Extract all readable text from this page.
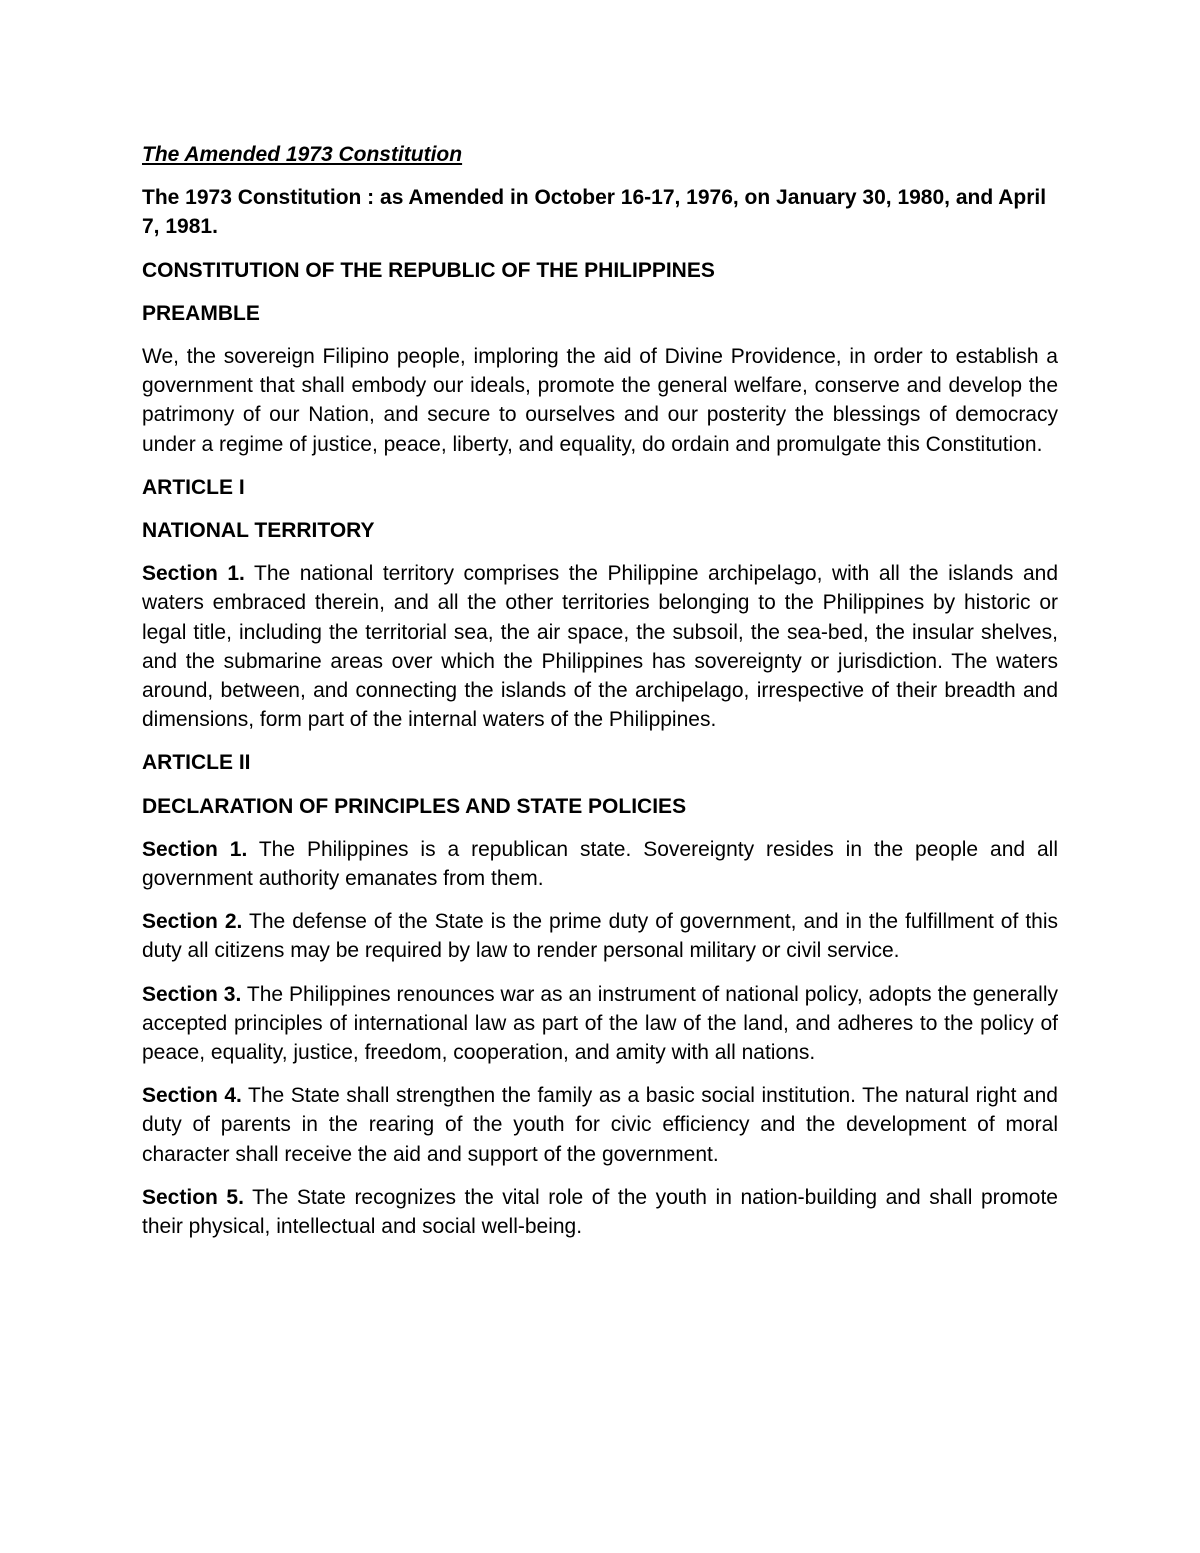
The Amended 1973 Constitution
The 1973 Constitution : as Amended in October 16-17, 1976, on January 30, 1980, and April 7, 1981.
CONSTITUTION OF THE REPUBLIC OF THE PHILIPPINES
PREAMBLE

We, the sovereign Filipino people, imploring the aid of Divine Providence, in order to establish a government that shall embody our ideals, promote the general welfare, conserve and develop the patrimony of our Nation, and secure to ourselves and our posterity the blessings of democracy under a regime of justice, peace, liberty, and equality, do ordain and promulgate this Constitution.

ARTICLE I
NATIONAL TERRITORY

Section 1. The national territory comprises the Philippine archipelago, with all the islands and waters embraced therein, and all the other territories belonging to the Philippines by historic or legal title, including the territorial sea, the air space, the subsoil, the sea-bed, the insular shelves, and the submarine areas over which the Philippines has sovereignty or jurisdiction. The waters around, between, and connecting the islands of the archipelago, irrespective of their breadth and dimensions, form part of the internal waters of the Philippines.

ARTICLE II
DECLARATION OF PRINCIPLES AND STATE POLICIES

Section 1. The Philippines is a republican state. Sovereignty resides in the people and all government authority emanates from them.

Section 2. The defense of the State is the prime duty of government, and in the fulfillment of this duty all citizens may be required by law to render personal military or civil service.

Section 3. The Philippines renounces war as an instrument of national policy, adopts the generally accepted principles of international law as part of the law of the land, and adheres to the policy of peace, equality, justice, freedom, cooperation, and amity with all nations.

Section 4. The State shall strengthen the family as a basic social institution. The natural right and duty of parents in the rearing of the youth for civic efficiency and the development of moral character shall receive the aid and support of the government.

Section 5. The State recognizes the vital role of the youth in nation-building and shall promote their physical, intellectual and social well-being.
